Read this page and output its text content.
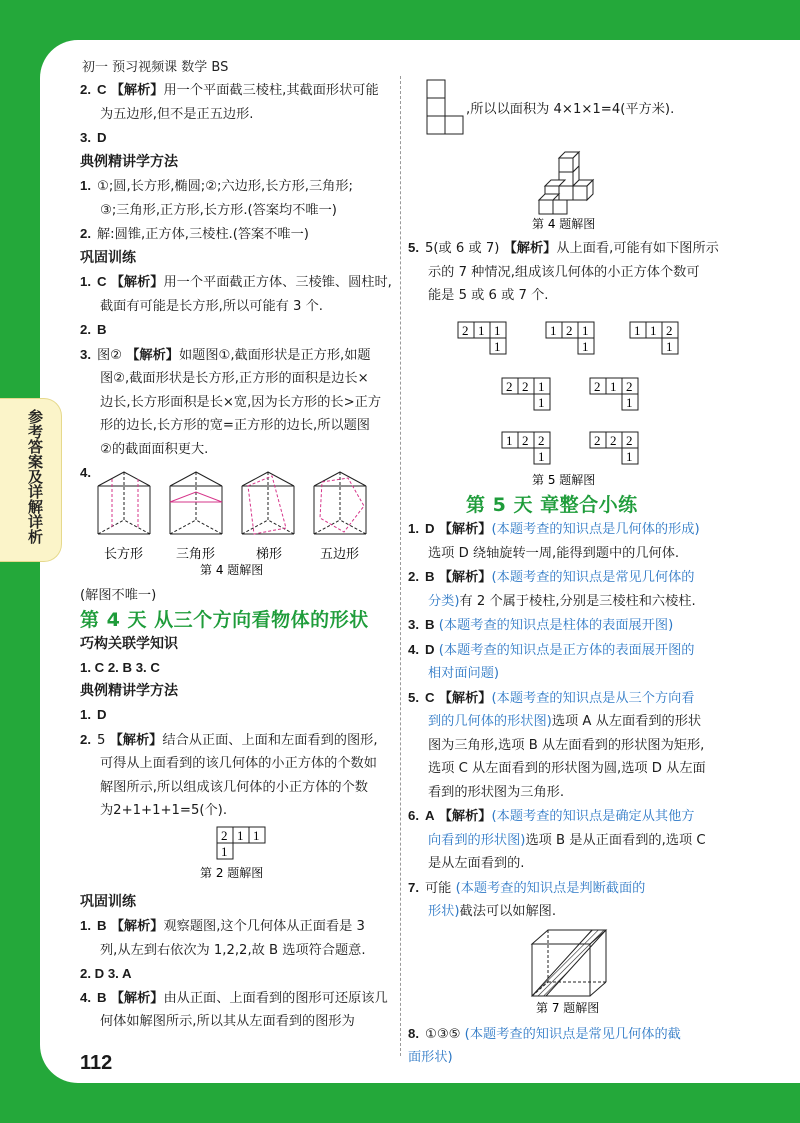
初一 预习视频课 数学 BS
参考答案及详解详析
2. C 【解析】用一个平面截三棱柱,其截面形状可能
为五边形,但不是正五边形.
3. D
典例精讲学方法
1. ①;圆,长方形,椭圆;②;六边形,长方形,三角形;
③;三角形,正方形,长方形.(答案均不唯一)
2. 解:圆锥,正方体,三棱柱.(答案不唯一)
巩固训练
1. C 【解析】用一个平面截正方体、三棱锥、圆柱时,
截面有可能是长方形,所以可能有 3 个.
2. B
3. 图② 【解析】如题图①,截面形状是正方形,如题
图②,截面形状是长方形,正方形的面积是边长×
边长,长方形面积是长×宽,因为长方形的长>正方
形的边长,长方形的宽=正方形的边长,所以题图
②的截面面积更大.
4.
长方形	三角形	梯形	五边形
第 4 题解图
(解图不唯一)
第 4 天 从三个方向看物体的形状
巧构关联学知识
1. C 2. B 3. C
典例精讲学方法
1. D
2. 5 【解析】结合从正面、上面和左面看到的图形,
可得从上面看到的该几何体的小正方体的个数如
解图所示,所以组成该几何体的小正方体的个数
为2+1+1+1=5(个).
2 1 1
1
第 2 题解图
巩固训练
1. B 【解析】观察题图,这个几何体从正面看是 3
列,从左到右依次为 1,2,2,故 B 选项符合题意.
2. D 3. A
4. B 【解析】由从正面、上面看到的图形可还原该几
何体如解图所示,所以其从左面看到的图形为
,所以以面积为 4×1×1=4(平方米).
第 4 题解图
5. 5(或 6 或 7) 【解析】从上面看,可能有如下图所示
示的 7 种情况,组成该几何体的小正方体个数可
能是 5 或 6 或 7 个.
2 1 1
1
1 2 1
1
1 1 2
1
2 2 1
1
2 1 2
1
1 2 2
1
2 2 2
1
第 5 题解图
第 5 天 章整合小练
1. D 【解析】(本题考查的知识点是几何体的形成)
选项 D 绕轴旋转一周,能得到题中的几何体.
2. B 【解析】(本题考查的知识点是常见几何体的
分类)有 2 个属于棱柱,分别是三棱柱和六棱柱.
3. B (本题考查的知识点是柱体的表面展开图)
4. D (本题考查的知识点是正方体的表面展开图的
相对面问题)
5. C 【解析】(本题考查的知识点是从三个方向看
到的几何体的形状图)选项 A 从左面看到的形状
图为三角形,选项 B 从左面看到的形状图为矩形,
选项 C 从左面看到的形状图为圆,选项 D 从左面
看到的形状图为三角形.
6. A 【解析】(本题考查的知识点是确定从其他方
向看到的形状图)选项 B 是从正面看到的,选项 C
是从左面看到的.
7. 可能 (本题考查的知识点是判断截面的
形状)截法可以如解图.
第 7 题解图
8. ①③⑤ (本题考查的知识点是常见几何体的截
面形状)
112
